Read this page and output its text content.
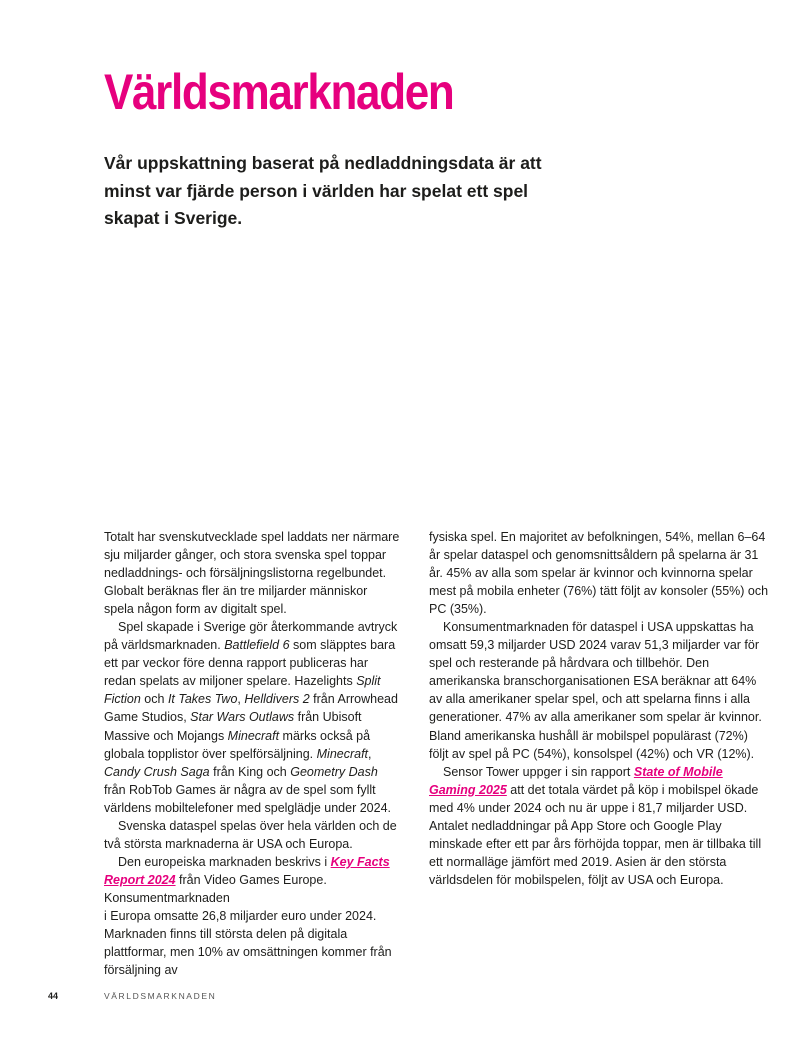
Världsmarknaden

Vår uppskattning baserat på nedladdningsdata är att minst var fjärde person i världen har spelat ett spel skapat i Sverige.

Totalt har svenskutvecklade spel laddats ner närmare sju miljarder gånger, och stora svenska spel toppar nedladdnings- och försäljningslistorna regelbundet. Globalt beräknas fler än tre miljarder människor spela någon form av digitalt spel.

Spel skapade i Sverige gör återkommande avtryck på världsmarknaden. Battlefield 6 som släpptes bara ett par veckor före denna rapport publiceras har redan spelats av miljoner spelare. Hazelights Split Fiction och It Takes Two, Helldivers 2 från Arrowhead Game Studios, Star Wars Outlaws från Ubisoft Massive och Mojangs Minecraft märks också på globala topplistor över spelförsäljning. Minecraft, Candy Crush Saga från King och Geometry Dash från RobTob Games är några av de spel som fyllt världens mobiltelefoner med spelglädje under 2024.

Svenska dataspel spelas över hela världen och de två största marknaderna är USA och Europa.

Den europeiska marknaden beskrivs i Key Facts Report 2024 från Video Games Europe.

Konsumentmarknaden

i Europa omsatte 26,8 miljarder euro under 2024. Marknaden finns till största delen på digitala plattformar, men 10% av omsättningen kommer från försäljning av

fysiska spel. En majoritet av befolkningen, 54%, mellan 6–64 år spelar dataspel och genomsnittsåldern på spelarna är 31 år. 45% av alla som spelar är kvinnor och kvinnorna spelar mest på mobila enheter (76%) tätt följt av konsoler (55%) och PC (35%).

Konsumentmarknaden för dataspel i USA uppskattas ha omsatt 59,3 miljarder USD 2024 varav 51,3 miljarder var för spel och resterande på hårdvara och tillbehör. Den amerikanska branschorganisationen ESA beräknar att 64% av alla amerikaner spelar spel, och att spelarna finns i alla generationer. 47% av alla amerikaner som spelar är kvinnor. Bland amerikanska hushåll är mobilspel populärast (72%) följt av spel på PC (54%), konsolspel (42%) och VR (12%).

Sensor Tower uppger i sin rapport State of Mobile Gaming 2025 att det totala värdet på köp i mobilspel ökade med 4% under 2024 och nu är uppe i 81,7 miljarder USD. Antalet nedladdningar på App Store och Google Play minskade efter ett par års förhöjda toppar, men är tillbaka till ett normalläge jämfört med 2019. Asien är den största världsdelen för mobilspelen, följt av USA och Europa.

44	VÄRLDSMARKNADEN
